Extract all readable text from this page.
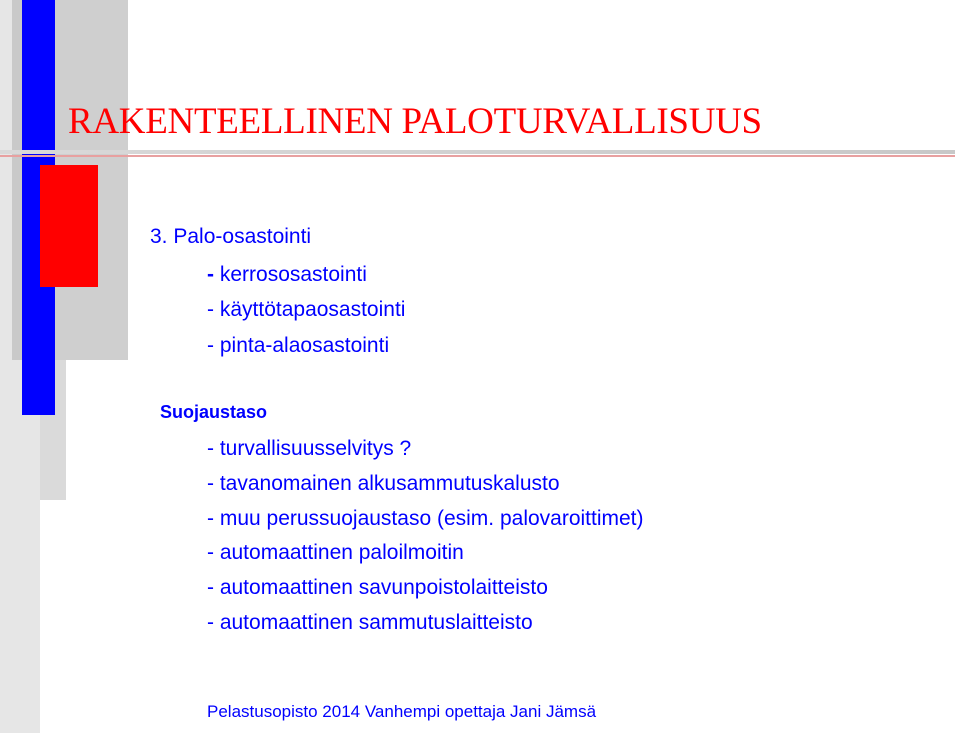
RAKENTEELLINEN PALOTURVALLISUUS
3. Palo-osastointi
- kerrososastointi
- käyttötapaosastointi
- pinta-alaosastointi
Suojaustaso
- turvallisuusselvitys ?
- tavanomainen alkusammutuskalusto
- muu perussuojaustaso (esim. palovaroittimet)
- automaattinen paloilmoitin
- automaattinen savunpoistolaitteisto
- automaattinen sammutuslaitteisto
Pelastusopisto 2014 Vanhempi opettaja Jani Jämsä
